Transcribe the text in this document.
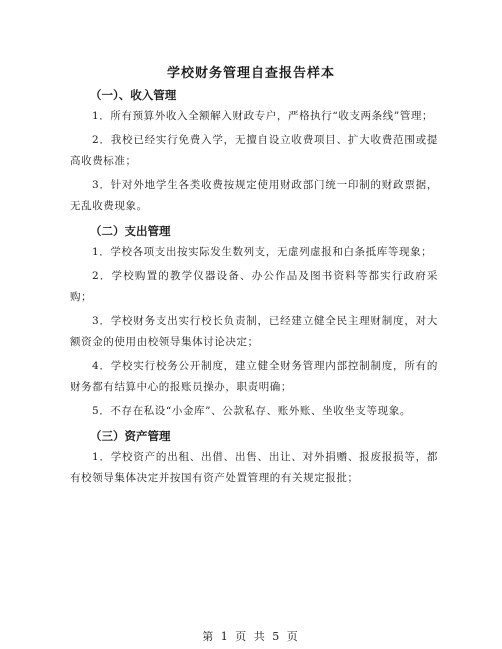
学校财务管理自查报告样本
（一）、收入管理
1．所有预算外收入全额解入财政专户，严格执行“收支两条线”管理；
2．我校已经实行免费入学，无擅自设立收费项目、扩大收费范围或提高收费标准；
3．针对外地学生各类收费按规定使用财政部门统一印制的财政票据，无乱收费现象。
（二）支出管理
1．学校各项支出按实际发生数列支，无虚列虚报和白条抵库等现象；
2．学校购置的教学仪器设备、办公作品及图书资料等都实行政府采购；
3．学校财务支出实行校长负责制，已经建立健全民主理财制度，对大额资金的使用由校领导集体讨论决定；
4．学校实行校务公开制度，建立健全财务管理内部控制制度，所有的财务都有结算中心的报账员操办，职责明确；
5．不存在私设“小金库”、公款私存、账外账、坐收坐支等现象。
（三）资产管理
1．学校资产的出租、出借、出售、出让、对外捐赠、报废报损等，都有校领导集体决定并按国有资产处置管理的有关规定报批；
第 1 页 共 5 页
